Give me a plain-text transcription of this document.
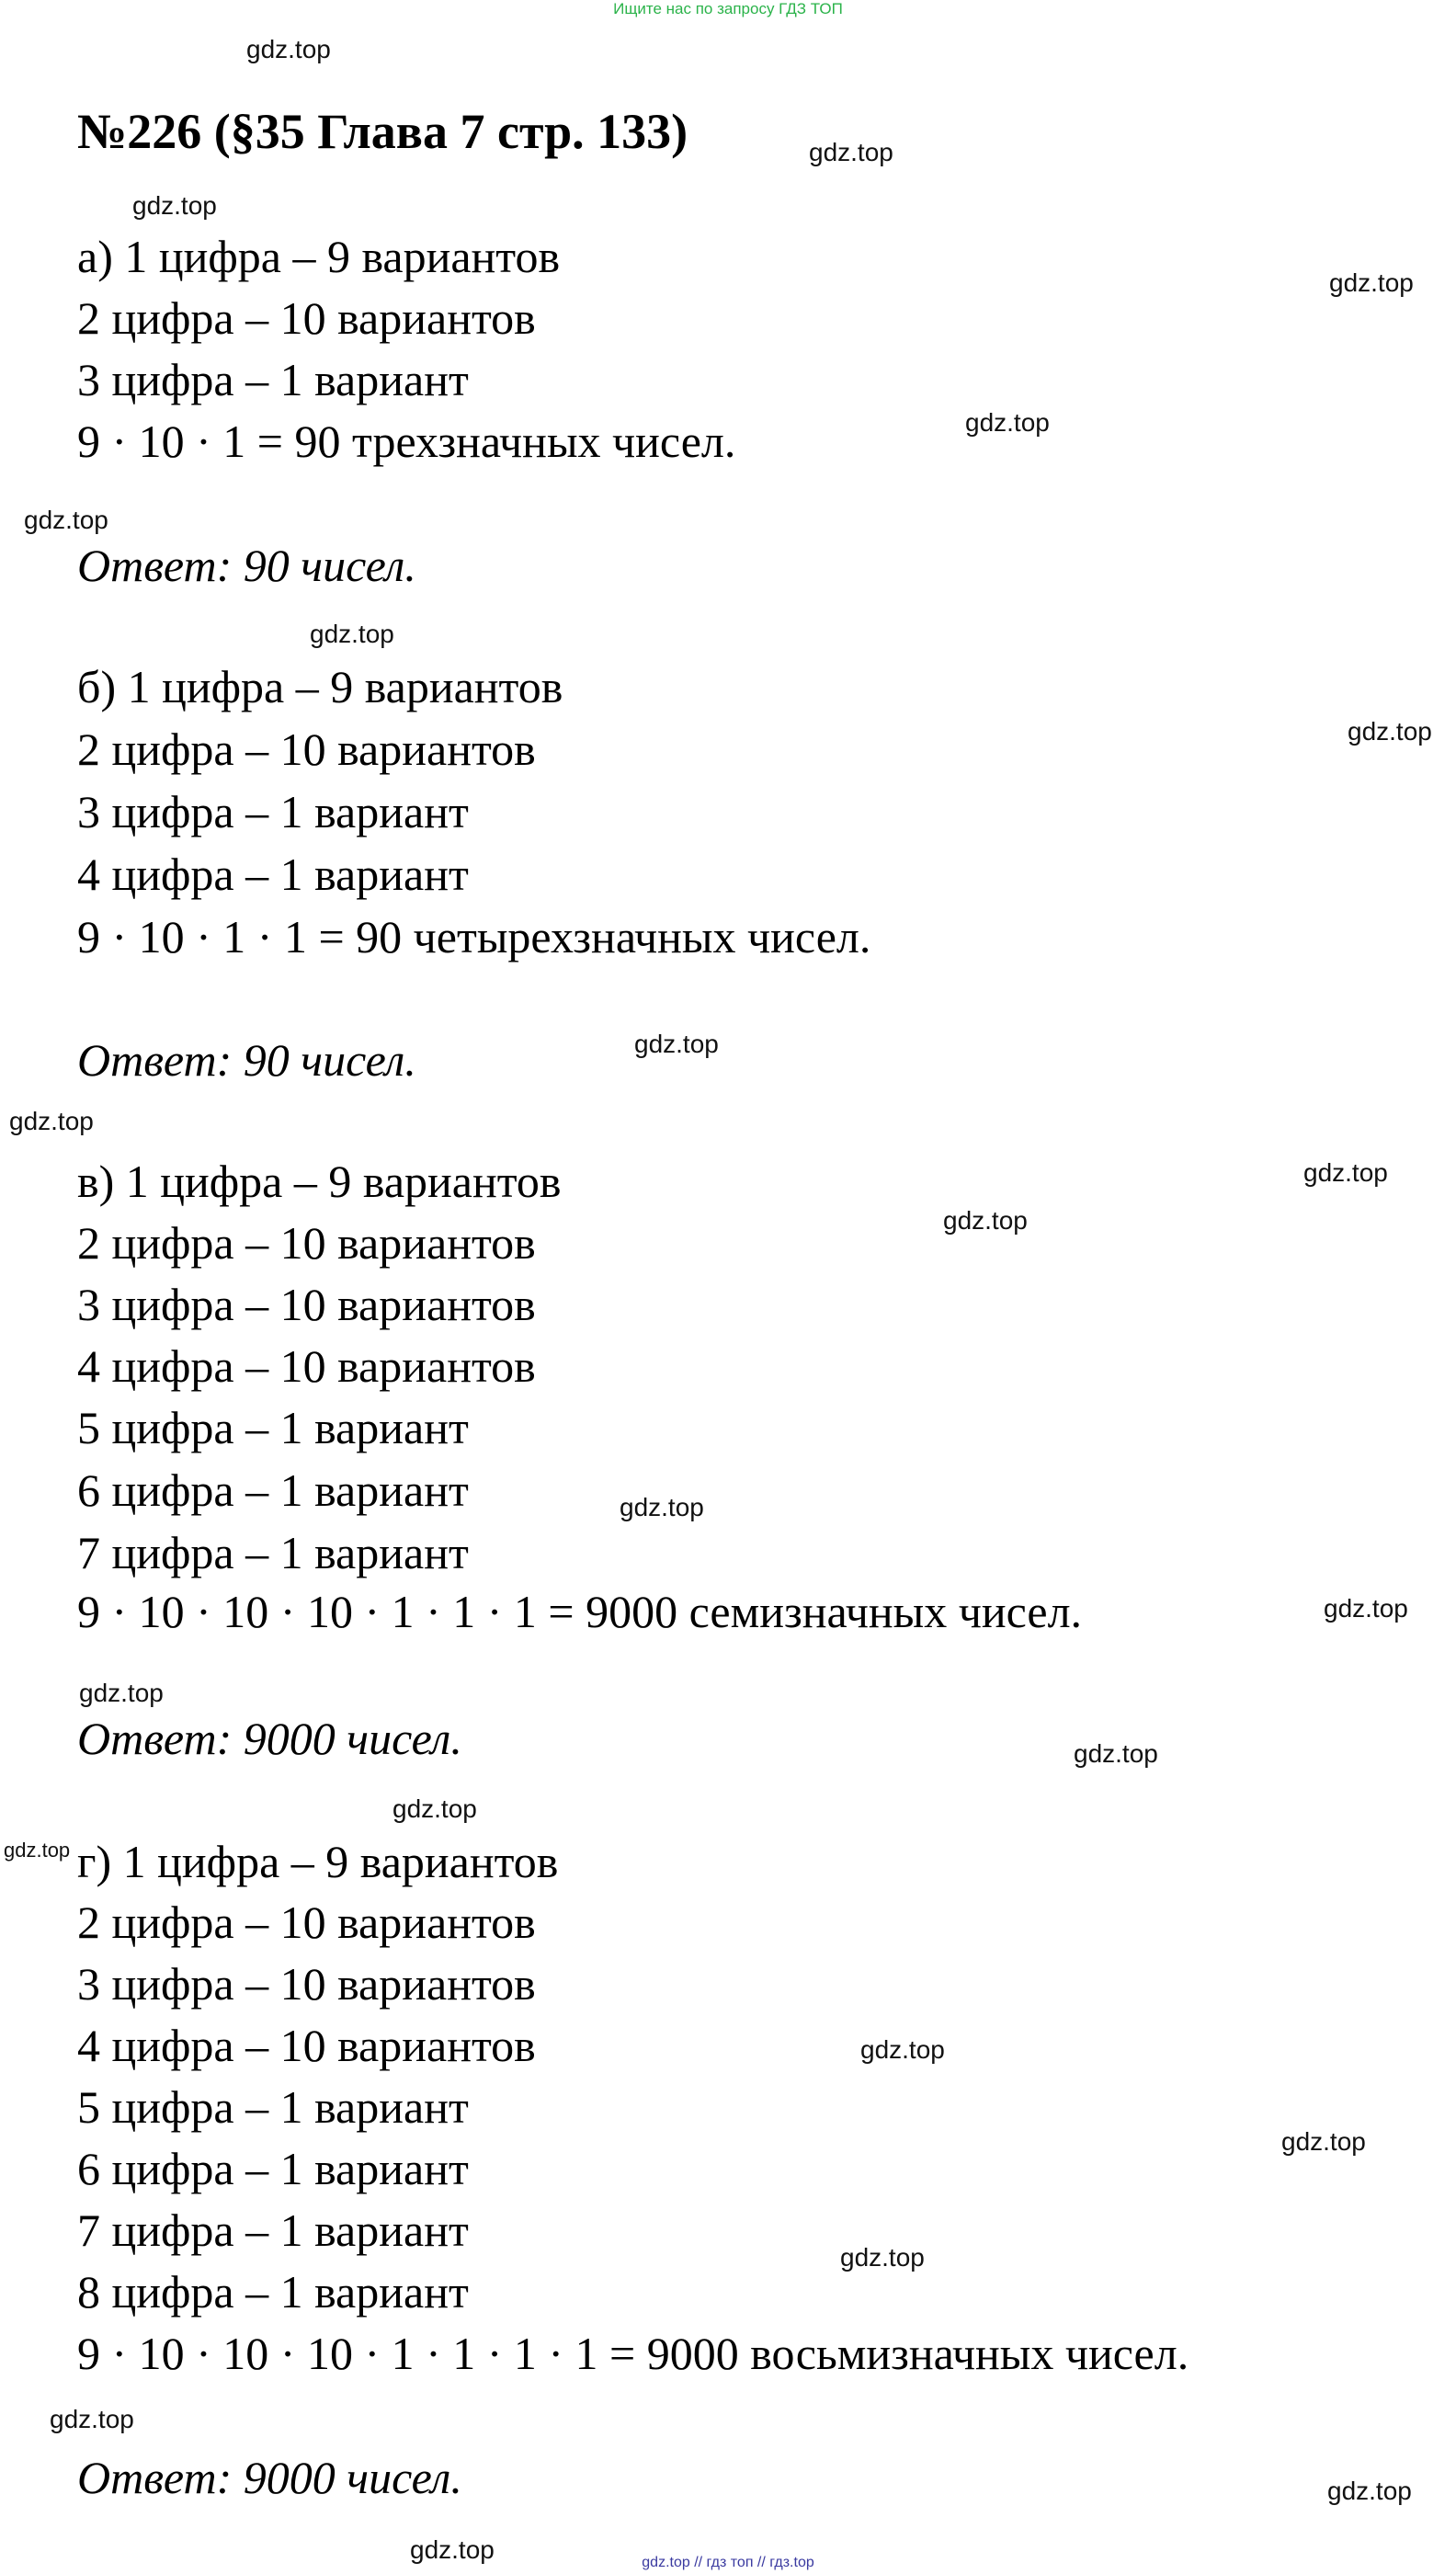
Ищите нас по запросу ГДЗ ТОП
№226 (§35 Глава 7 стр. 133)
а) 1 цифра – 9 вариантов
2 цифра – 10 вариантов
3 цифра – 1 вариант
9 · 10 · 1 = 90 трехзначных чисел.
Ответ: 90 чисел.
б) 1 цифра – 9 вариантов
2 цифра – 10 вариантов
3 цифра – 1 вариант
4 цифра – 1 вариант
9 · 10 · 1 · 1 = 90 четырехзначных чисел.
Ответ: 90 чисел.
в) 1 цифра – 9 вариантов
2 цифра – 10 вариантов
3 цифра – 10 вариантов
4 цифра – 10 вариантов
5 цифра – 1 вариант
6 цифра – 1 вариант
7 цифра – 1 вариант
9 · 10 · 10 · 10 · 1 · 1 · 1 = 9000 семизначных чисел.
Ответ: 9000 чисел.
г) 1 цифра – 9 вариантов
2 цифра – 10 вариантов
3 цифра – 10 вариантов
4 цифра – 10 вариантов
5 цифра – 1 вариант
6 цифра – 1 вариант
7 цифра – 1 вариант
8 цифра – 1 вариант
9 · 10 · 10 · 10 · 1 · 1 · 1 · 1 = 9000 восьмизначных чисел.
Ответ: 9000 чисел.
gdz.top
gdz.top
gdz.top
gdz.top
gdz.top
gdz.top
gdz.top
gdz.top
gdz.top
gdz.top
gdz.top
gdz.top
gdz.top
gdz.top
gdz.top
gdz.top
gdz.top
gdz.top
gdz.top
gdz.top
gdz.top
gdz.top
gdz.top
gdz.top	gdz.top // гдз топ // гдз.top
